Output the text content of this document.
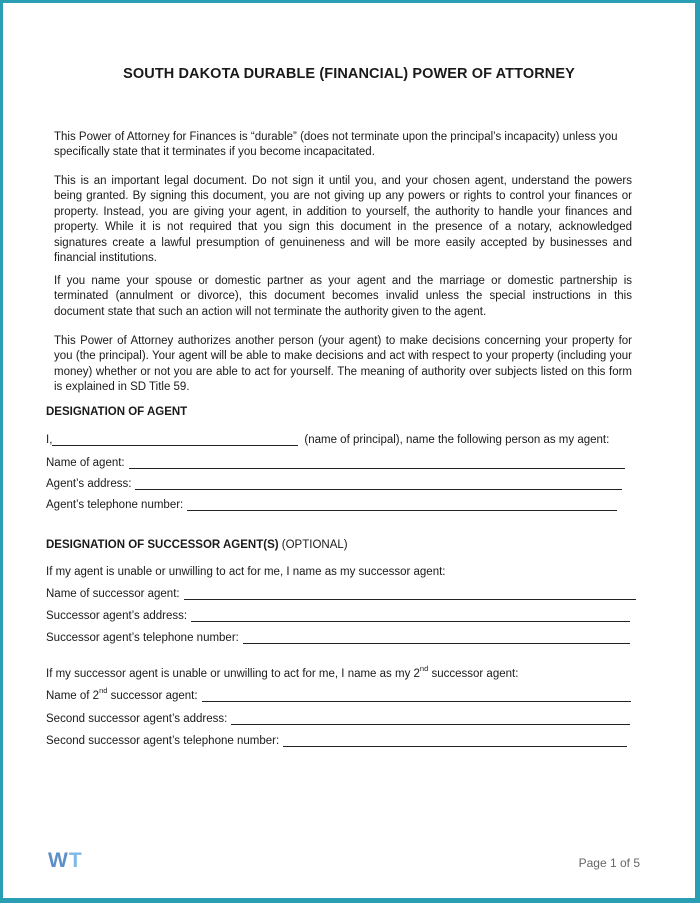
SOUTH DAKOTA DURABLE (FINANCIAL) POWER OF ATTORNEY

This Power of Attorney for Finances is “durable” (does not terminate upon the principal’s incapacity) unless you specifically state that it terminates if you become incapacitated.

This is an important legal document. Do not sign it until you, and your chosen agent, understand the powers being granted. By signing this document, you are not giving up any powers or rights to control your finances or property. Instead, you are giving your agent, in addition to yourself, the authority to handle your finances and property. While it is not required that you sign this document in the presence of a notary, acknowledged signatures create a lawful presumption of genuineness and will be more easily accepted by businesses and financial institutions.

If you name your spouse or domestic partner as your agent and the marriage or domestic partnership is terminated (annulment or divorce), this document becomes invalid unless the special instructions in this document state that such an action will not terminate the authority given to the agent.

This Power of Attorney authorizes another person (your agent) to make decisions concerning your property for you (the principal). Your agent will be able to make decisions and act with respect to your property (including your money) whether or not you are able to act for yourself. The meaning of authority over subjects listed on this form is explained in SD Title 59.

DESIGNATION OF AGENT
I,	(name of principal), name the following person as my agent:
Name of agent:
Agent’s address:
Agent’s telephone number:
DESIGNATION OF SUCCESSOR AGENT(S) (OPTIONAL)
If my agent is unable or unwilling to act for me, I name as my successor agent:
Name of successor agent:
Successor agent’s address:
Successor agent’s telephone number:
If my successor agent is unable or unwilling to act for me, I name as my 2nd successor agent:
Name of 2nd successor agent:
Second successor agent’s address:
Second successor agent’s telephone number:
WT	Page 1 of 5
